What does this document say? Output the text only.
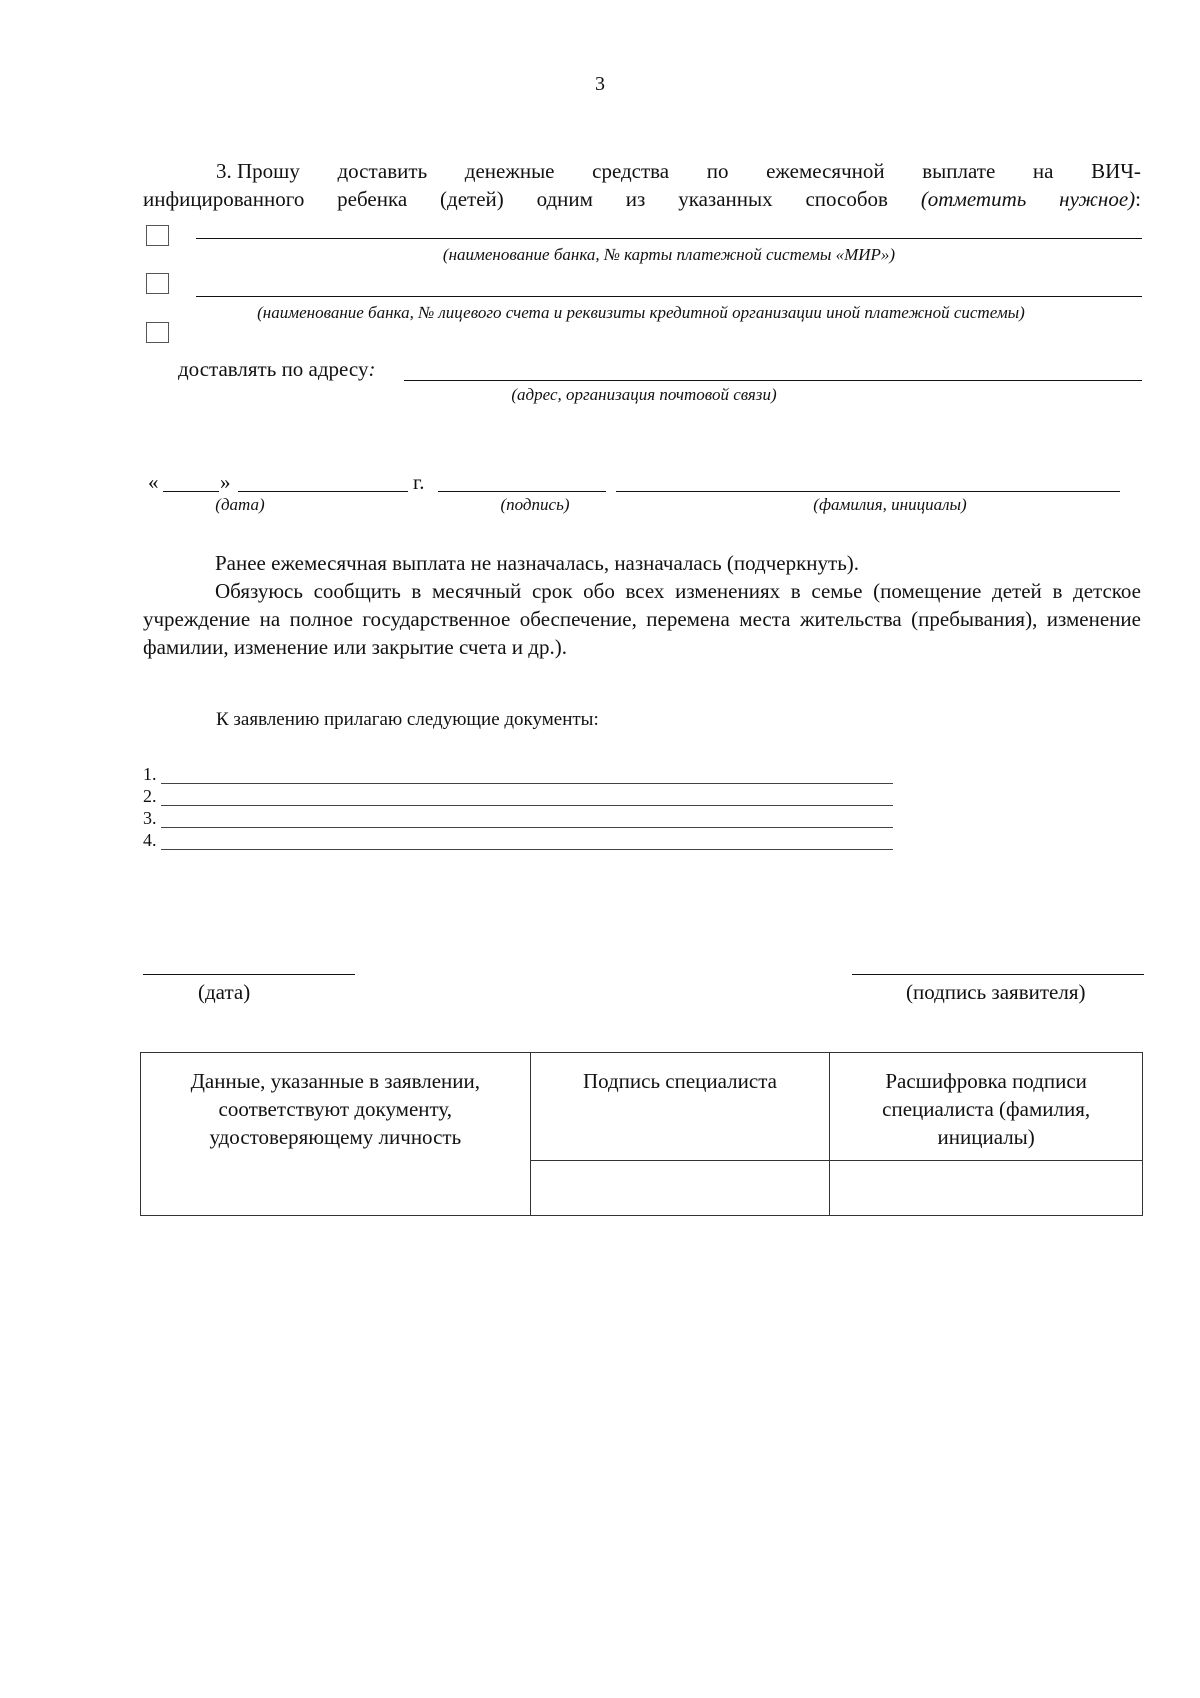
3
3. Прошу доставить денежные средства по ежемесячной выплате на ВИЧ-
инфицированного ребенка (детей) одним из указанных способов (отметить нужное):
(наименование банка, № карты платежной системы «МИР»)
(наименование банка, № лицевого счета и реквизиты кредитной организации иной платежной системы)
доставлять по адресу:
(адрес, организация почтовой связи)
«	»	г.
(дата)	(подпись)	(фамилия, инициалы)
Ранее ежемесячная выплата не назначалась, назначалась (подчеркнуть).
Обязуюсь сообщить в месячный срок обо всех изменениях в семье (помещение детей в детское учреждение на полное государственное обеспечение, перемена места жительства (пребывания), изменение фамилии, изменение или закрытие счета и др.).
К заявлению прилагаю следующие документы:
1.
2.
3.
4.
(дата)	(подпись заявителя)
Данные, указанные в заявлении, соответствуют документу, удостоверяющему личность	Подпись специалиста	Расшифровка подписи специалиста (фамилия, инициалы)
